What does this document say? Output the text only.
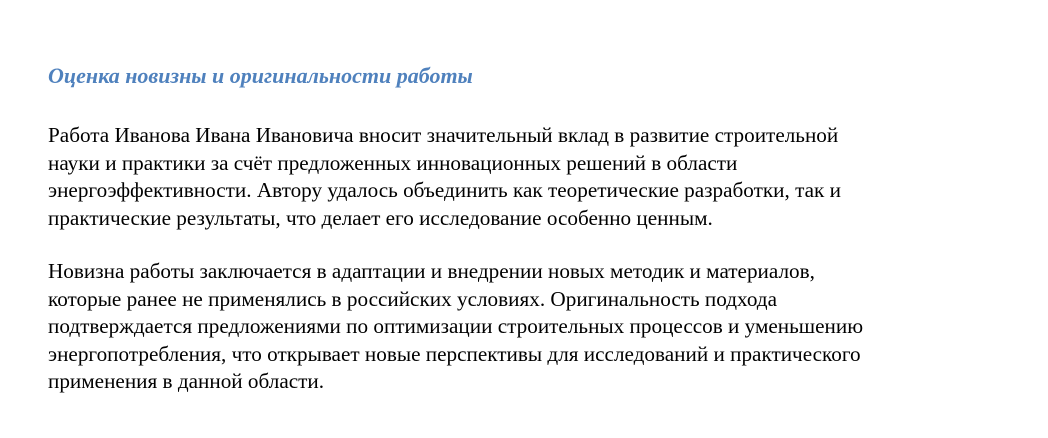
Оценка новизны и оригинальности работы

Работа Иванова Ивана Ивановича вносит значительный вклад в развитие строительной
науки и практики за счёт предложенных инновационных решений в области
энергоэффективности. Автору удалось объединить как теоретические разработки, так и
практические результаты, что делает его исследование особенно ценным.

Новизна работы заключается в адаптации и внедрении новых методик и материалов,
которые ранее не применялись в российских условиях. Оригинальность подхода
подтверждается предложениями по оптимизации строительных процессов и уменьшению
энергопотребления, что открывает новые перспективы для исследований и практического
применения в данной области.
